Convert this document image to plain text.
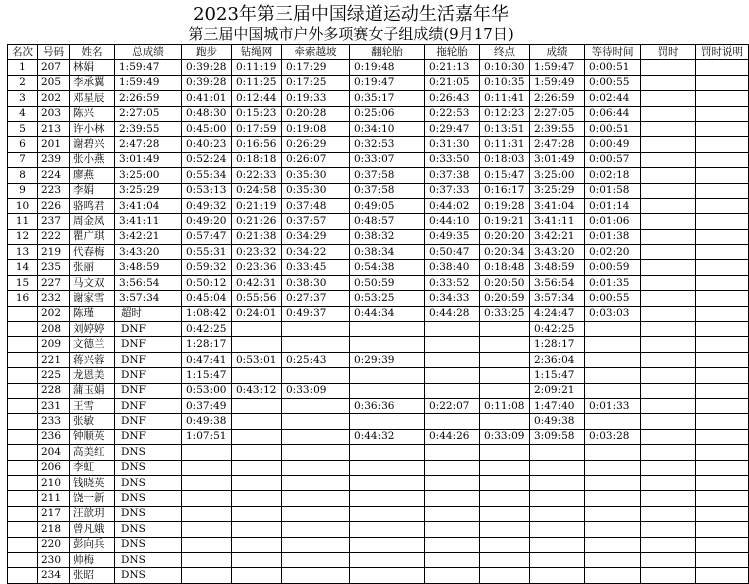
2023年第三届中国绿道运动生活嘉年华
第三届中国城市户外多项赛女子组成绩(9月17日)
名次	号码	姓名	总成绩	跑步	钻绳网	牵索越坡	翻轮胎	拖轮胎	终点	成绩	等待时间	罚时	罚时说明
1	207	林娟	1:59:47	0:39:28	0:11:19	0:17:29	0:19:48	0:21:13	0:10:30	1:59:47	0:00:51		
2	205	李承翼	1:59:49	0:39:28	0:11:25	0:17:25	0:19:47	0:21:05	0:10:35	1:59:49	0:00:55		
3	202	邓星辰	2:26:59	0:41:01	0:12:44	0:19:33	0:35:17	0:26:43	0:11:41	2:26:59	0:02:44		
4	203	陈兴	2:27:05	0:48:30	0:15:23	0:20:28	0:25:06	0:22:53	0:12:23	2:27:05	0:06:44		
5	213	许小林	2:39:55	0:45:00	0:17:59	0:19:08	0:34:10	0:29:47	0:13:51	2:39:55	0:00:51		
6	201	谢碧兴	2:47:28	0:40:23	0:16:56	0:26:29	0:32:53	0:31:30	0:11:31	2:47:28	0:00:49		
7	239	张小燕	3:01:49	0:52:24	0:18:18	0:26:07	0:33:07	0:33:50	0:18:03	3:01:49	0:00:57		
8	224	廖燕	3:25:00	0:55:34	0:22:33	0:35:30	0:37:58	0:37:38	0:15:47	3:25:00	0:02:18		
9	223	李娟	3:25:29	0:53:13	0:24:58	0:35:30	0:37:58	0:37:33	0:16:17	3:25:29	0:01:58		
10	226	骆鸣君	3:41:04	0:49:32	0:21:19	0:37:48	0:49:05	0:44:02	0:19:28	3:41:04	0:01:14		
11	237	周金凤	3:41:11	0:49:20	0:21:26	0:37:57	0:48:57	0:44:10	0:19:21	3:41:11	0:01:06		
12	222	瞿广琪	3:42:21	0:57:47	0:21:38	0:34:29	0:38:32	0:49:35	0:20:20	3:42:21	0:01:38		
13	219	代春梅	3:43:20	0:55:31	0:23:32	0:34:22	0:38:34	0:50:47	0:20:34	3:43:20	0:02:20		
14	235	张丽	3:48:59	0:59:32	0:23:36	0:33:45	0:54:38	0:38:40	0:18:48	3:48:59	0:00:59		
15	227	马文双	3:56:54	0:50:12	0:42:31	0:38:30	0:50:59	0:33:52	0:20:50	3:56:54	0:01:35		
16	232	谢家雪	3:57:34	0:45:04	0:55:56	0:27:37	0:53:25	0:34:33	0:20:59	3:57:34	0:00:55		
	202	陈瑾	超时	1:08:42	0:24:01	0:49:37	0:44:34	0:44:28	0:33:25	4:24:47	0:03:03		
	208	刘婷婷	DNF	0:42:25						0:42:25			
	209	文德兰	DNF	1:28:17						1:28:17			
	221	蒋兴蓉	DNF	0:47:41	0:53:01	0:25:43	0:29:39			2:36:04			
	225	龙恩美	DNF	1:15:47						1:15:47			
	228	蒲玉娟	DNF	0:53:00	0:43:12	0:33:09				2:09:21			
	231	王雪	DNF	0:37:49			0:36:36	0:22:07	0:11:08	1:47:40	0:01:33		
	233	张敏	DNF	0:49:38						0:49:38			
	236	钟顺英	DNF	1:07:51			0:44:32	0:44:26	0:33:09	3:09:58	0:03:28		
	204	高美红	DNS										
	206	李虹	DNS										
	210	钱晓英	DNS										
	211	饶一新	DNS										
	217	汪歆玥	DNS										
	218	曾凡娥	DNS										
	220	彭向兵	DNS										
	230	帅梅	DNS										
	234	张昭	DNS										
